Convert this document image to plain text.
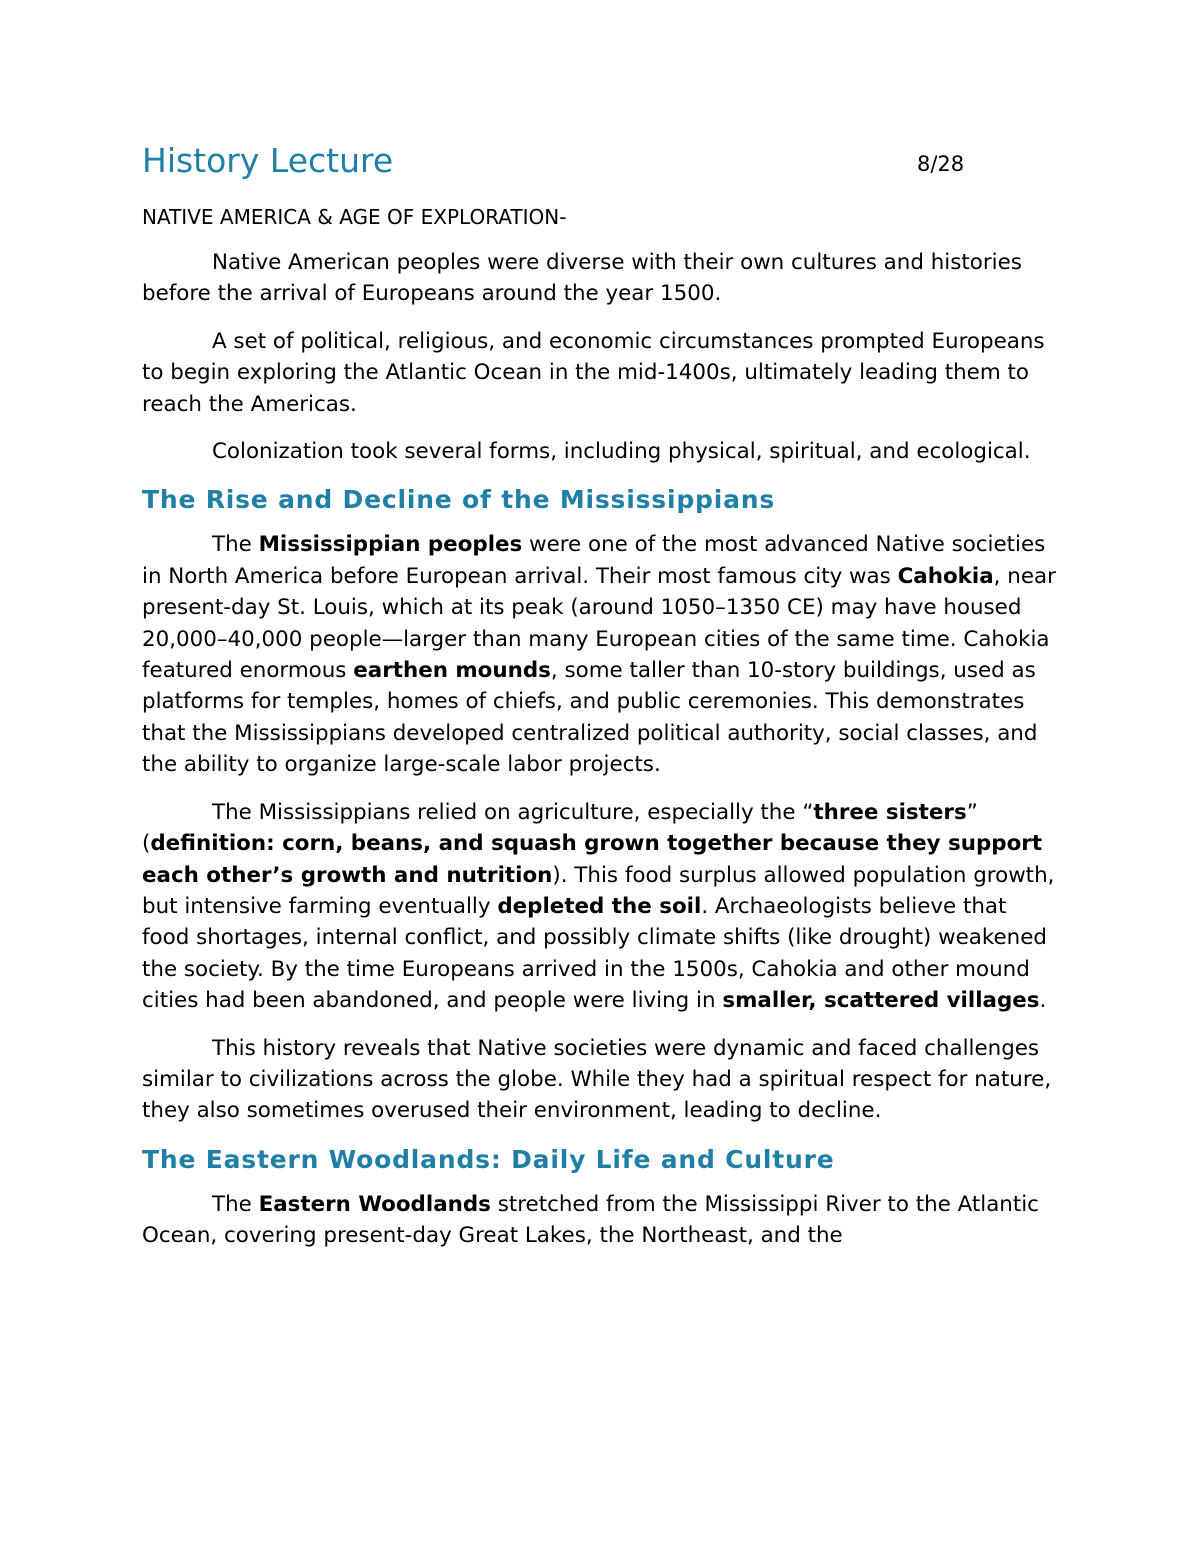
History Lecture	8/28
NATIVE AMERICA & AGE OF EXPLORATION-

Native American peoples were diverse with their own cultures and histories before the arrival of Europeans around the year 1500.

A set of political, religious, and economic circumstances prompted Europeans to begin exploring the Atlantic Ocean in the mid-1400s, ultimately leading them to reach the Americas.

Colonization took several forms, including physical, spiritual, and ecological.

The Rise and Decline of the Mississippians

The Mississippian peoples were one of the most advanced Native societies in North America before European arrival. Their most famous city was Cahokia, near present-day St. Louis, which at its peak (around 1050–1350 CE) may have housed 20,000–40,000 people—larger than many European cities of the same time. Cahokia featured enormous earthen mounds, some taller than 10-story buildings, used as platforms for temples, homes of chiefs, and public ceremonies. This demonstrates that the Mississippians developed centralized political authority, social classes, and the ability to organize large-scale labor projects.

The Mississippians relied on agriculture, especially the “three sisters” (definition: corn, beans, and squash grown together because they support each other’s growth and nutrition). This food surplus allowed population growth, but intensive farming eventually depleted the soil. Archaeologists believe that food shortages, internal conflict, and possibly climate shifts (like drought) weakened the society. By the time Europeans arrived in the 1500s, Cahokia and other mound cities had been abandoned, and people were living in smaller, scattered villages.

This history reveals that Native societies were dynamic and faced challenges similar to civilizations across the globe. While they had a spiritual respect for nature, they also sometimes overused their environment, leading to decline.

The Eastern Woodlands: Daily Life and Culture

The Eastern Woodlands stretched from the Mississippi River to the Atlantic Ocean, covering present-day Great Lakes, the Northeast, and the
